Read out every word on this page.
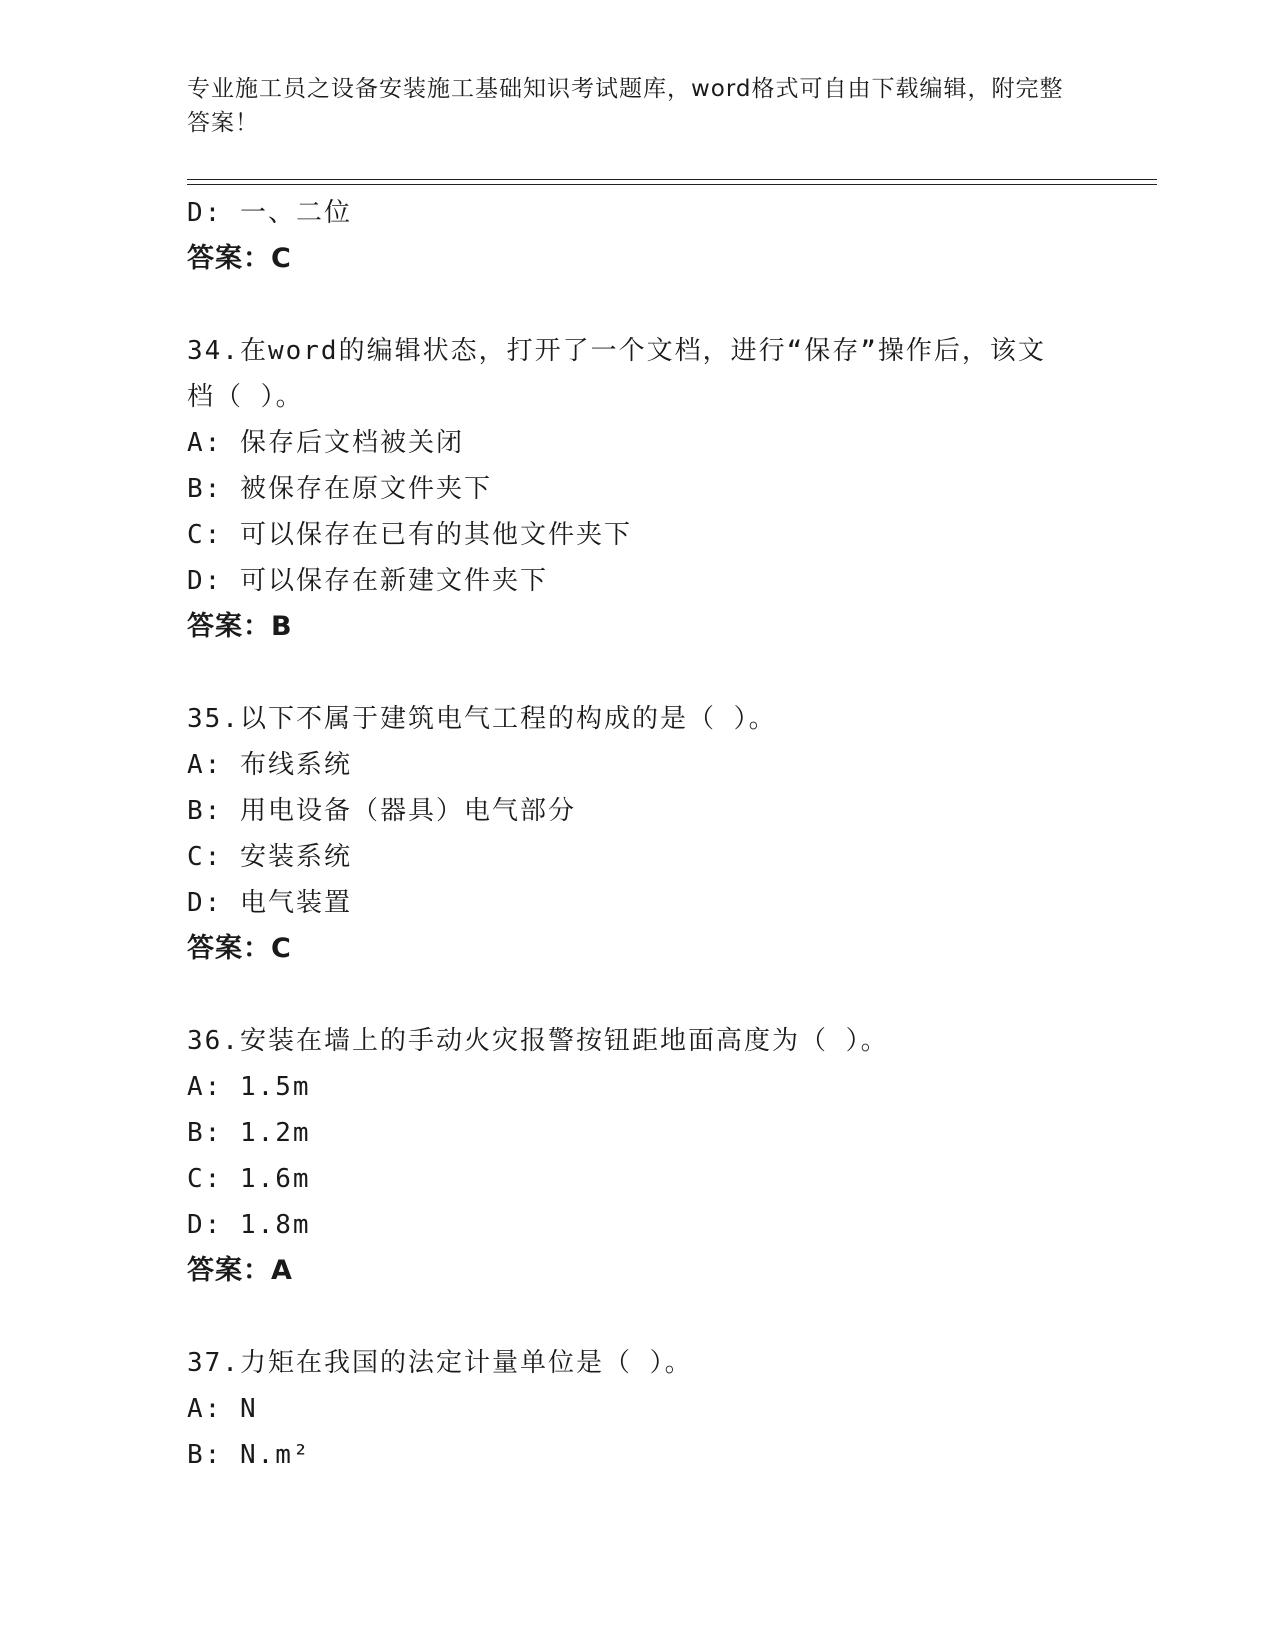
专业施工员之设备安装施工基础知识考试题库，word格式可自由下载编辑，附完整答案！
D: 一、二位
答案：C
34.在word的编辑状态，打开了一个文档，进行“保存”操作后，该文档（ ）。
A: 保存后文档被关闭
B: 被保存在原文件夹下
C: 可以保存在已有的其他文件夹下
D: 可以保存在新建文件夹下
答案：B
35.以下不属于建筑电气工程的构成的是（ ）。
A: 布线系统
B: 用电设备（器具）电气部分
C: 安装系统
D: 电气装置
答案：C
36.安装在墙上的手动火灾报警按钮距地面高度为（ ）。
A: 1.5m
B: 1.2m
C: 1.6m
D: 1.8m
答案：A
37.力矩在我国的法定计量单位是（ ）。
A: N
B: N.m²
